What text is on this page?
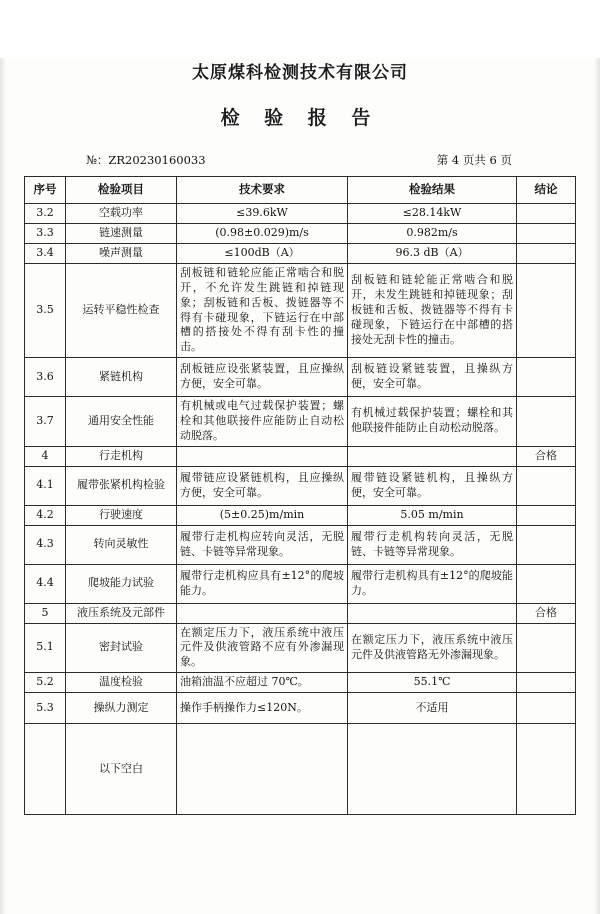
太原煤科检测技术有限公司
检 验 报 告
№：ZR20230160033	第 4 页共 6 页
序号	检验项目	技术要求	检验结果	结论
3.2	空载功率	≤39.6kW	≤28.14kW	
3.3	链速测量	(0.98±0.029)m/s	0.982m/s	
3.4	噪声测量	≤100dB（A）	96.3 dB（A）	
3.5	运转平稳性检查	刮板链和链轮应能正常啮合和脱开，不允许发生跳链和掉链现象；刮板链和舌板、拨链器等不得有卡碰现象，下链运行在中部槽的搭接处不得有刮卡性的撞击。	刮板链和链轮能正常啮合和脱开，未发生跳链和掉链现象；刮板链和舌板、拨链器等不得有卡碰现象，下链运行在中部槽的搭接处无刮卡性的撞击。	
3.6	紧链机构	刮板链应设张紧装置，且应操纵方便，安全可靠。	刮板链设紧链装置，且操纵方便，安全可靠。	
3.7	通用安全性能	有机械或电气过载保护装置；螺栓和其他联接件应能防止自动松动脱落。	有机械过载保护装置；螺栓和其他联接件能防止自动松动脱落。	
4	行走机构			合格
4.1	履带张紧机构检验	履带链应设紧链机构，且应操纵方便，安全可靠。	履带链设紧链机构，且操纵方便，安全可靠。	
4.2	行驶速度	(5±0.25)m/min	5.05 m/min	
4.3	转向灵敏性	履带行走机构应转向灵活，无脱链、卡链等异常现象。	履带行走机构转向灵活，无脱链、卡链等异常现象。	
4.4	爬坡能力试验	履带行走机构应具有±12°的爬坡能力。	履带行走机构具有±12°的爬坡能力。	
5	液压系统及元部件			合格
5.1	密封试验	在额定压力下，液压系统中液压元件及供液管路不应有外渗漏现象。	在额定压力下，液压系统中液压元件及供液管路无外渗漏现象。	
5.2	温度检验	油箱油温不应超过 70℃。	55.1℃	
5.3	操纵力测定	操作手柄操作力≤120N。	不适用	
	以下空白			
